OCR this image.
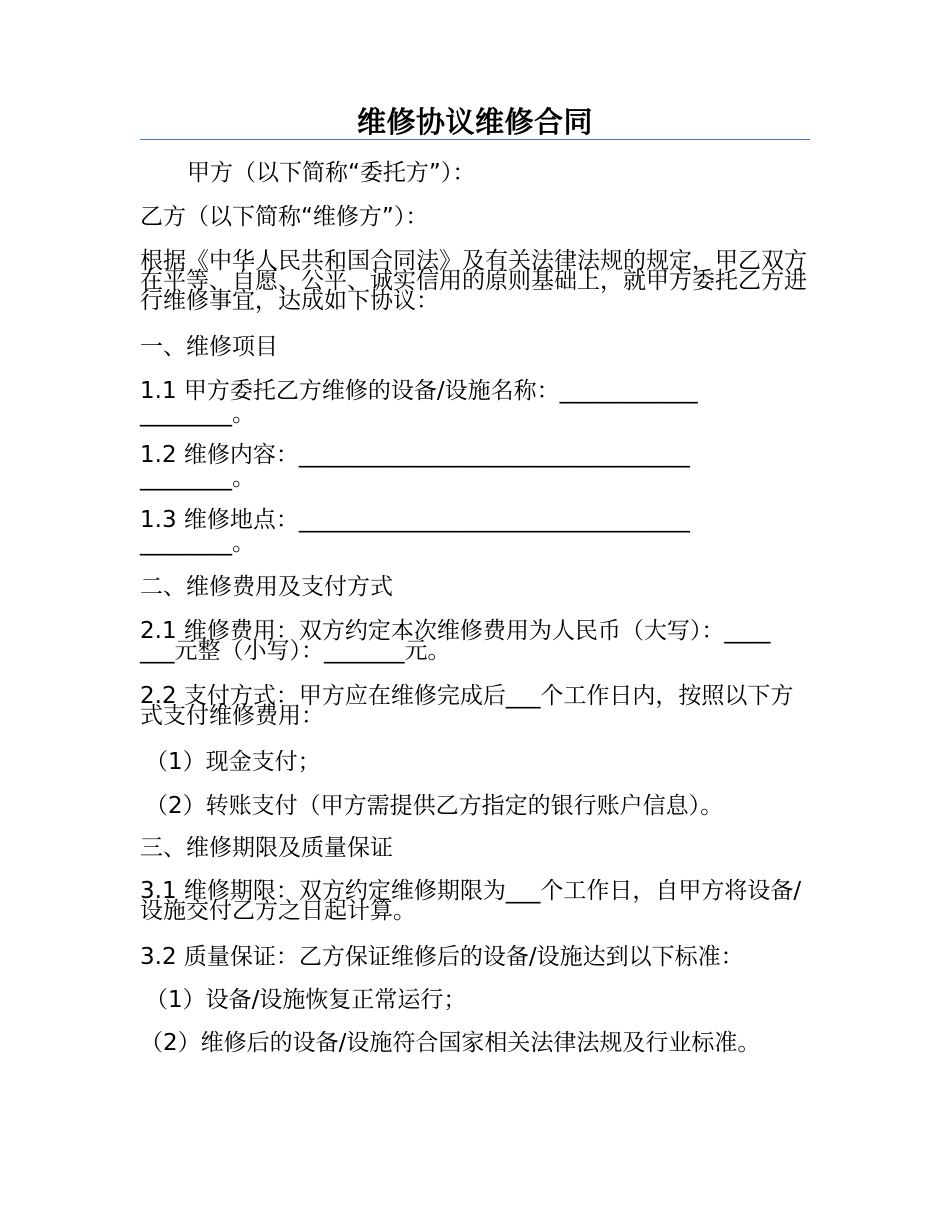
维修协议维修合同
甲方（以下简称“委托方”）：
乙方（以下简称“维修方”）：
根据《中华人民共和国合同法》及有关法律法规的规定，甲乙双方在平等、自愿、公平、诚实信用的原则基础上，就甲方委托乙方进行维修事宜，达成如下协议：
一、维修项目
1.1 甲方委托乙方维修的设备/设施名称：____________________。
1.2 维修内容：__________________________________________。
1.3 维修地点：__________________________________________。
二、维修费用及支付方式
2.1 维修费用：双方约定本次维修费用为人民币（大写）：_______元整（小写）：_______元。
2.2 支付方式：甲方应在维修完成后___个工作日内，按照以下方式支付维修费用：
（1）现金支付；
（2）转账支付（甲方需提供乙方指定的银行账户信息）。
三、维修期限及质量保证
3.1 维修期限：双方约定维修期限为___个工作日，自甲方将设备/设施交付乙方之日起计算。
3.2 质量保证：乙方保证维修后的设备/设施达到以下标准：
（1）设备/设施恢复正常运行；
（2）维修后的设备/设施符合国家相关法律法规及行业标准。
